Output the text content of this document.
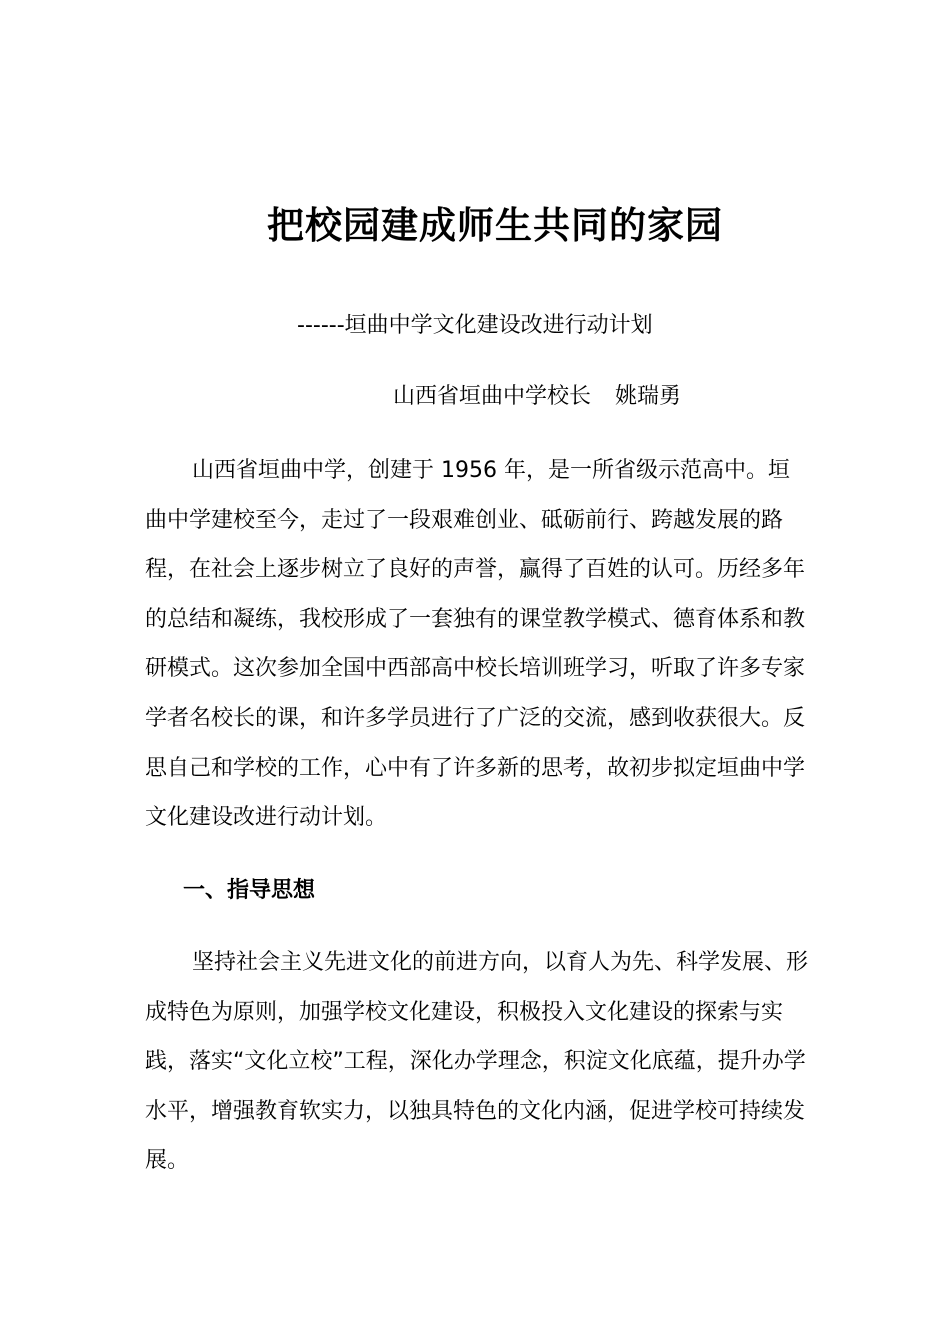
把校园建成师生共同的家园
------垣曲中学文化建设改进行动计划
山西省垣曲中学校长 姚瑞勇

山西省垣曲中学，创建于 1956 年，是一所省级示范高中。垣曲中学建校至今，走过了一段艰难创业、砥砺前行、跨越发展的路程，在社会上逐步树立了良好的声誉，赢得了百姓的认可。历经多年的总结和凝练，我校形成了一套独有的课堂教学模式、德育体系和教研模式。这次参加全国中西部高中校长培训班学习，听取了许多专家学者名校长的课，和许多学员进行了广泛的交流，感到收获很大。反思自己和学校的工作，心中有了许多新的思考，故初步拟定垣曲中学文化建设改进行动计划。

一、指导思想

坚持社会主义先进文化的前进方向，以育人为先、科学发展、形成特色为原则，加强学校文化建设，积极投入文化建设的探索与实践，落实“文化立校”工程，深化办学理念，积淀文化底蕴，提升办学水平，增强教育软实力，以独具特色的文化内涵，促进学校可持续发展。
